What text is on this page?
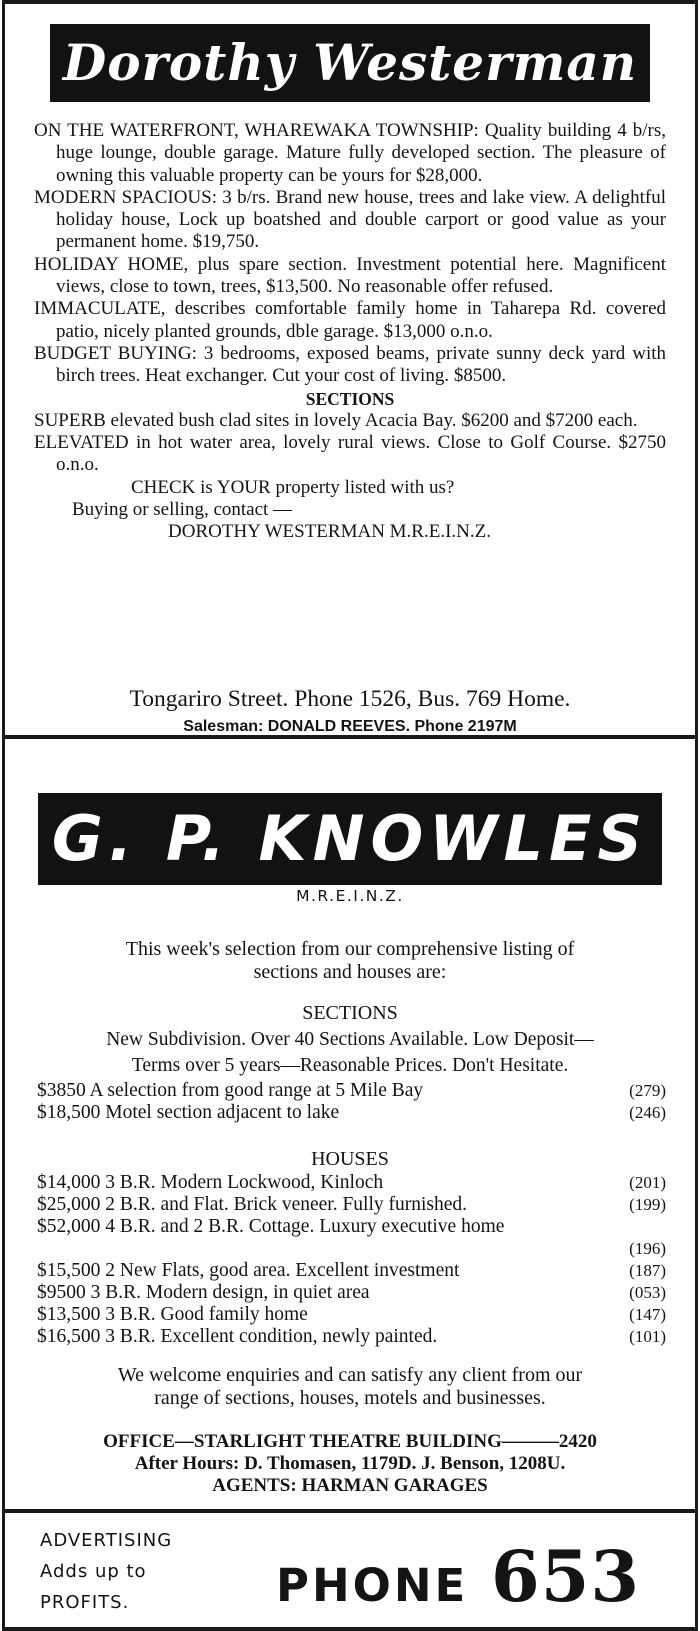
Dorothy Westerman

ON THE WATERFRONT, WHAREWAKA TOWNSHIP: Quality building 4 b/rs, huge lounge, double garage. Mature fully developed section. The pleasure of owning this valuable property can be yours for $28,000.

MODERN SPACIOUS: 3 b/rs. Brand new house, trees and lake view. A delightful holiday house, Lock up boatshed and double carport or good value as your permanent home. $19,750.

HOLIDAY HOME, plus spare section. Investment potential here. Magnificent views, close to town, trees, $13,500. No reasonable offer refused.

IMMACULATE, describes comfortable family home in Taharepa Rd. covered patio, nicely planted grounds, dble garage. $13,000 o.n.o.

BUDGET BUYING: 3 bedrooms, exposed beams, private sunny deck yard with birch trees. Heat exchanger. Cut your cost of living. $8500.

SECTIONS

SUPERB elevated bush clad sites in lovely Acacia Bay. $6200 and $7200 each.

ELEVATED in hot water area, lovely rural views. Close to Golf Course. $2750 o.n.o.

CHECK is YOUR property listed with us?

Buying or selling, contact —

DOROTHY WESTERMAN M.R.E.I.N.Z.

Tongariro Street. Phone 1526, Bus. 769 Home.
Salesman: DONALD REEVES. Phone 2197M
G. P. KNOWLES
M.R.E.I.N.Z.
This week's selection from our comprehensive listing of
sections and houses are:
SECTIONS
New Subdivision. Over 40 Sections Available. Low Deposit—
Terms over 5 years—Reasonable Prices. Don't Hesitate.
$3850 A selection from good range at 5 Mile Bay	(279)
$18,500 Motel section adjacent to lake	(246)
HOUSES
$14,000 3 B.R. Modern Lockwood, Kinloch	(201)
$25,000 2 B.R. and Flat. Brick veneer. Fully furnished.	(199)
$52,000 4 B.R. and 2 B.R. Cottage. Luxury executive home
(196)
$15,500 2 New Flats, good area. Excellent investment	(187)
$9500 3 B.R. Modern design, in quiet area	(053)
$13,500 3 B.R. Good family home	(147)
$16,500 3 B.R. Excellent condition, newly painted.	(101)
We welcome enquiries and can satisfy any client from our
range of sections, houses, motels and businesses.
OFFICE—STARLIGHT THEATRE BUILDING———2420
After Hours: D. Thomasen, 1179D. J. Benson, 1208U.
AGENTS: HARMAN GARAGES
ADVERTISING
Adds up to
PROFITS.	PHONE 653
